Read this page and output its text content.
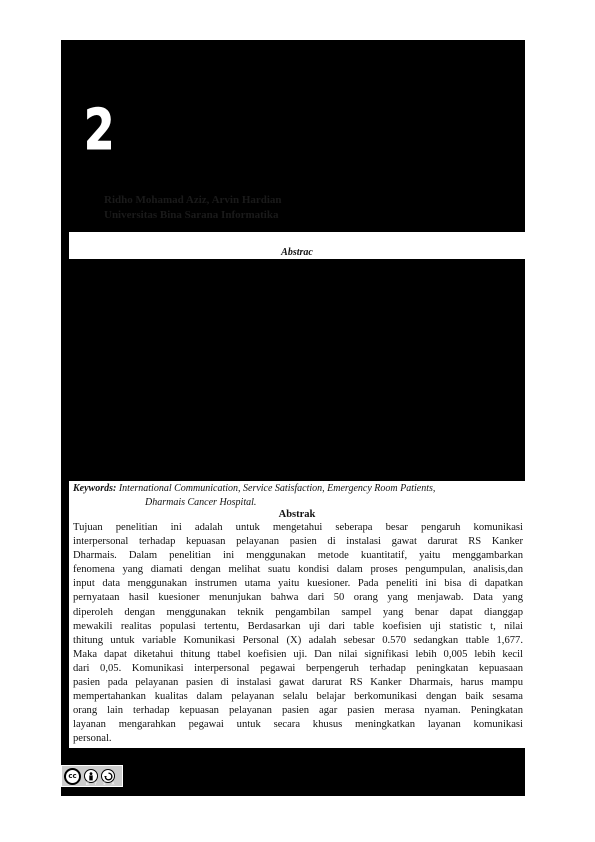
2
Ridho Mohamad Aziz, Arvin Hardian
Universitas Bina Sarana Informatika
Abstrac
Keywords: International Communication, Service Satisfaction, Emergency Room Patients,
Dharmais Cancer Hospital.
Abstrak
Tujuan penelitian ini adalah untuk mengetahui seberapa besar pengaruh komunikasi
interpersonal terhadap kepuasan pelayanan pasien di instalasi gawat darurat RS Kanker
Dharmais. Dalam penelitian ini menggunakan metode kuantitatif, yaitu menggambarkan
fenomena yang diamati dengan melihat suatu kondisi dalam proses pengumpulan, analisis,dan
input data menggunakan instrumen utama yaitu kuesioner. Pada peneliti ini bisa di dapatkan
pernyataan hasil kuesioner menunjukan bahwa dari 50 orang yang menjawab. Data yang
diperoleh dengan menggunakan teknik pengambilan sampel yang benar dapat dianggap
mewakili realitas populasi tertentu, Berdasarkan uji dari table koefisien uji statistic t, nilai
thitung untuk variable Komunikasi Personal (X) adalah sebesar 0.570 sedangkan ttable 1,677.
Maka dapat diketahui thitung ttabel koefisien uji. Dan nilai signifikasi lebih 0,005 lebih kecil
dari 0,05. Komunikasi interpersonal pegawai berpengeruh terhadap peningkatan kepuasaan
pasien pada pelayanan pasien di instalasi gawat darurat RS Kanker Dharmais, harus mampu
mempertahankan kualitas dalam pelayanan selalu belajar berkomunikasi dengan baik sesama
orang lain terhadap kepuasan pelayanan pasien agar pasien merasa nyaman. Peningkatan
layanan mengarahkan pegawai untuk secara khusus meningkatkan layanan komunikasi
personal.
cc
BYSA
